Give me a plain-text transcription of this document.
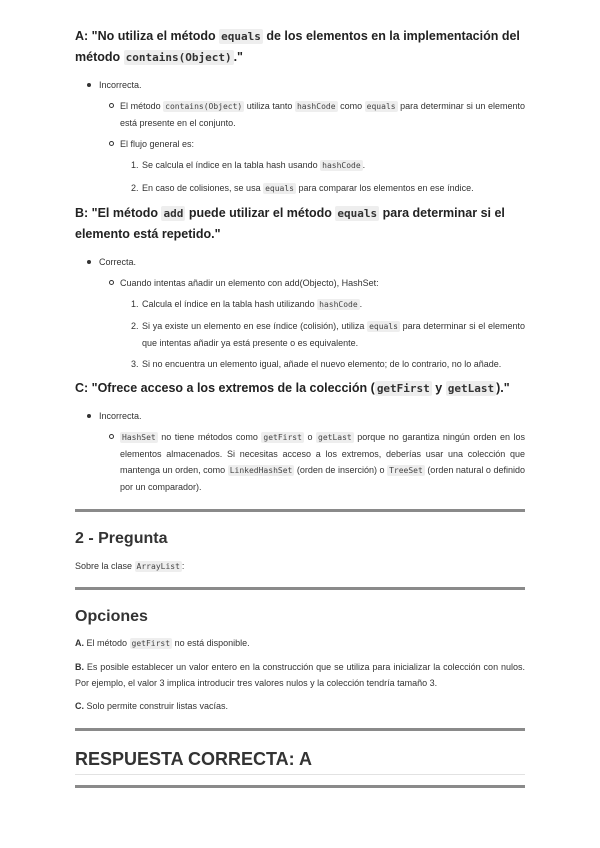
A: "No utiliza el método equals de los elementos en la implementación del método contains(Object) ."
Incorrecta.
El método contains(Object) utiliza tanto hashCode como equals para determinar si un elemento está presente en el conjunto.
El flujo general es:
1. Se calcula el índice en la tabla hash usando hashCode .
2. En caso de colisiones, se usa equals para comparar los elementos en ese índice.
B: "El método add puede utilizar el método equals para determinar si el elemento está repetido."
Correcta.
Cuando intentas añadir un elemento con add(Objecto), HashSet:
1. Calcula el índice en la tabla hash utilizando hashCode .
2. Si ya existe un elemento en ese índice (colisión), utiliza equals para determinar si el elemento que intentas añadir ya está presente o es equivalente.
3. Si no encuentra un elemento igual, añade el nuevo elemento; de lo contrario, no lo añade.
C: "Ofrece acceso a los extremos de la colección ( getFirst y getLast )."
Incorrecta.
HashSet no tiene métodos como getFirst o getLast porque no garantiza ningún orden en los elementos almacenados. Si necesitas acceso a los extremos, deberías usar una colección que mantenga un orden, como LinkedHashSet (orden de inserción) o TreeSet (orden natural o definido por un comparador).
2 - Pregunta

Sobre la clase ArrayList :

Opciones

A. El método getFirst no está disponible.

B. Es posible establecer un valor entero en la construcción que se utiliza para inicializar la colección con nulos. Por ejemplo, el valor 3 implica introducir tres valores nulos y la colección tendría tamaño 3.

C. Solo permite construir listas vacías.

RESPUESTA CORRECTA: A
